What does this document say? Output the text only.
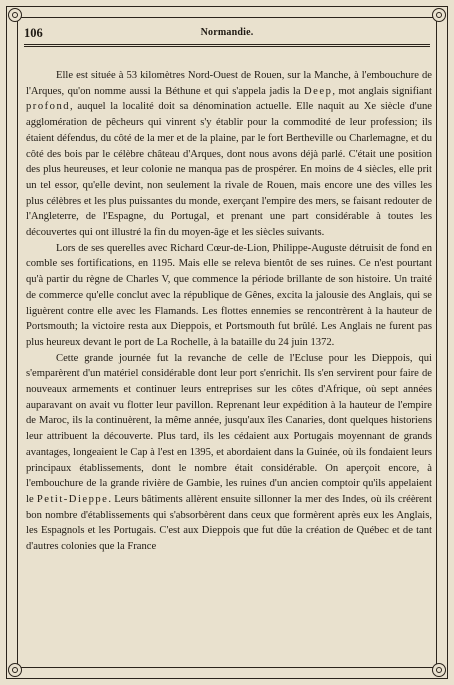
106	Normandie.

Elle est située à 53 kilomètres Nord-Ouest de Rouen, sur la Manche, à l'embouchure de l'Arques, qu'on nomme aussi la Béthune et qui s'appela jadis la Deep, mot anglais signifiant profond, auquel la localité doit sa dénomination actuelle. Elle naquit au Xe siècle d'une agglomération de pêcheurs qui vinrent s'y établir pour la commodité de leur profession; ils étaient défendus, du côté de la mer et de la plaine, par le fort Bertheville ou Charlemagne, et du côté des bois par le célèbre château d'Arques, dont nous avons déjà parlé. C'était une position des plus heureuses, et leur colonie ne manqua pas de prospérer. En moins de 4 siècles, elle prit un tel essor, qu'elle devint, non seulement la rivale de Rouen, mais encore une des villes les plus célèbres et les plus puissantes du monde, exerçant l'empire des mers, se faisant redouter de l'Angleterre, de l'Espagne, du Portugal, et prenant une part considérable à toutes les découvertes qui ont illustré la fin du moyen-âge et les siècles suivants.

Lors de ses querelles avec Richard Cœur-de-Lion, Philippe-Auguste détruisit de fond en comble ses fortifications, en 1195. Mais elle se releva bientôt de ses ruines. Ce n'est pourtant qu'à partir du règne de Charles V, que commence la période brillante de son histoire. Un traité de commerce qu'elle conclut avec la république de Gênes, excita la jalousie des Anglais, qui se liguèrent contre elle avec les Flamands. Les flottes ennemies se rencontrèrent à la hauteur de Portsmouth; la victoire resta aux Dieppois, et Portsmouth fut brûlé. Les Anglais ne furent pas plus heureux devant le port de La Rochelle, à la bataille du 24 juin 1372.

Cette grande journée fut la revanche de celle de l'Ecluse pour les Dieppois, qui s'emparèrent d'un matériel considérable dont leur port s'enrichit. Ils s'en servirent pour faire de nouveaux armements et continuer leurs entreprises sur les côtes d'Afrique, où sept années auparavant on avait vu flotter leur pavillon. Reprenant leur expédition à la hauteur de l'empire de Maroc, ils la continuèrent, la même année, jusqu'aux îles Canaries, dont quelques historiens leur attribuent la découverte. Plus tard, ils les cédaient aux Portugais moyennant de grands avantages, longeaient le Cap à l'est en 1395, et abordaient dans la Guinée, où ils fondaient leurs principaux établissements, dont le nombre était considérable. On aperçoit encore, à l'embouchure de la grande rivière de Gambie, les ruines d'un ancien comptoir qu'ils appelaient le Petit-Dieppe. Leurs bâtiments allèrent ensuite sillonner la mer des Indes, où ils créèrent bon nombre d'établissements qui s'absorbèrent dans ceux que formèrent après eux les Anglais, les Espagnols et les Portugais. C'est aux Dieppois que fut dûe la création de Québec et de tant d'autres colonies que la France
